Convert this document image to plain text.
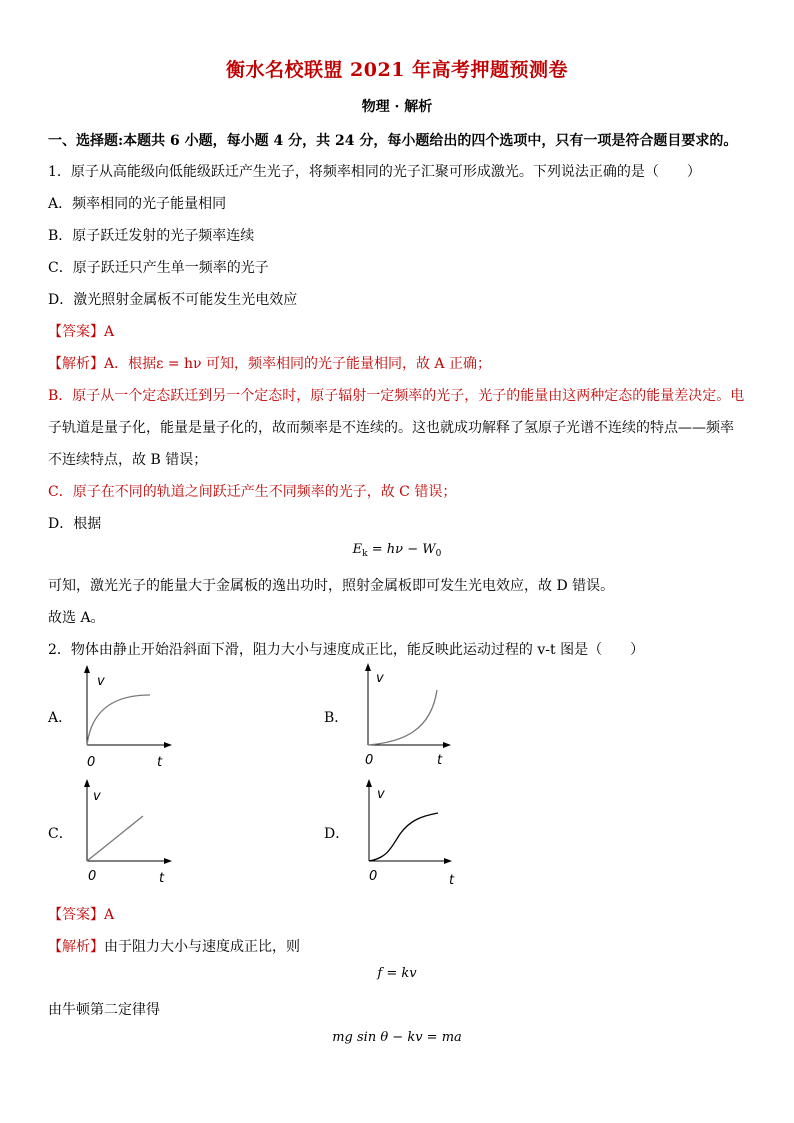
衡水名校联盟 2021 年高考押题预测卷
物理 · 解析
一、选择题:本题共 6 小题，每小题 4 分，共 24 分，每小题给出的四个选项中，只有一项是符合题目要求的。
1．原子从高能级向低能级跃迁产生光子，将频率相同的光子汇聚可形成激光。下列说法正确的是（　　）
A．频率相同的光子能量相同
B．原子跃迁发射的光子频率连续
C．原子跃迁只产生单一频率的光子
D．激光照射金属板不可能发生光电效应
【答案】A
【解析】A．根据ε = hν 可知，频率相同的光子能量相同，故 A 正确；
B．原子从一个定态跃迁到另一个定态时，原子辐射一定频率的光子，光子的能量由这两种定态的能量差决定。电
子轨道是量子化，能量是量子化的，故而频率是不连续的。这也就成功解释了氢原子光谱不连续的特点——频率
不连续特点，故 B 错误；
C．原子在不同的轨道之间跃迁产生不同频率的光子，故 C 错误；
D．根据
$E_k = h\nu - W_0$
可知，激光光子的能量大于金属板的逸出功时，照射金属板即可发生光电效应，故 D 错误。
故选 A。
2．物体由静止开始沿斜面下滑，阻力大小与速度成正比，能反映此运动过程的 v-t 图是（　　）
A．
v
0	t
B．
v
0	t
C．
v
0	t
D．
v
0	t
【答案】A
【解析】由于阻力大小与速度成正比，则
f = kv
由牛顿第二定律得
mg sin θ − kv = ma
